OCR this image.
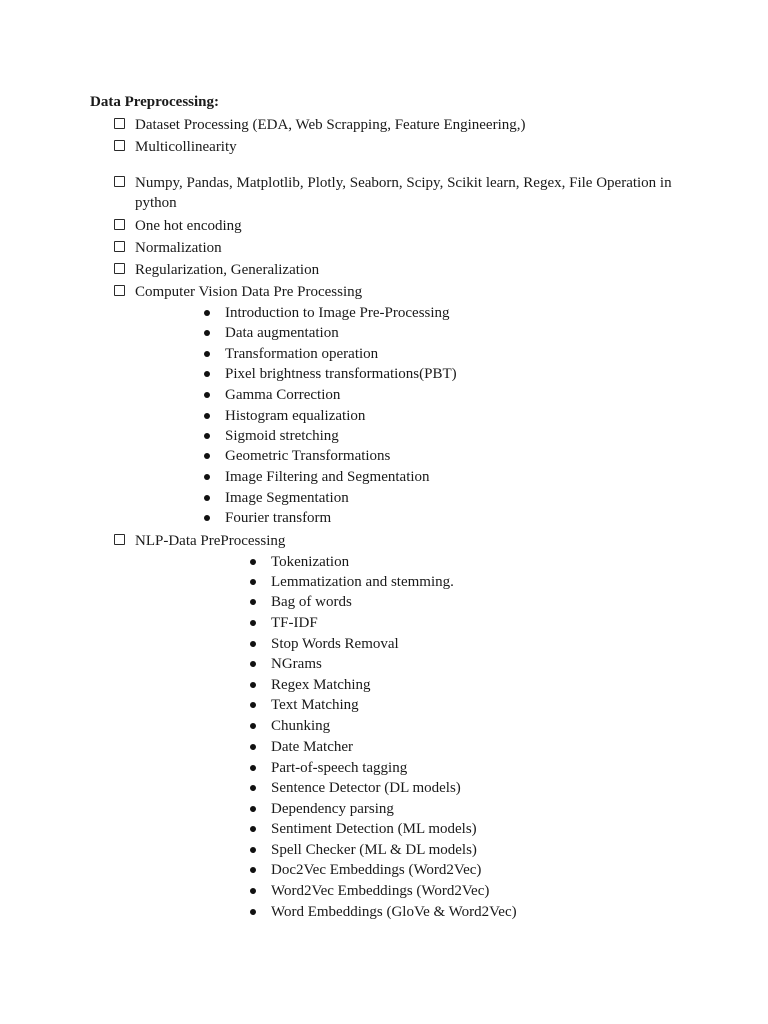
Data Preprocessing:
Dataset Processing (EDA, Web Scrapping, Feature Engineering,)
Multicollinearity
Numpy, Pandas, Matplotlib, Plotly, Seaborn, Scipy, Scikit learn, Regex, File Operation in python
One hot encoding
Normalization
Regularization, Generalization
Computer Vision Data Pre Processing
Introduction to Image Pre-Processing
Data augmentation
Transformation operation
Pixel brightness transformations(PBT)
Gamma Correction
Histogram equalization
Sigmoid stretching
Geometric Transformations
Image Filtering and Segmentation
Image Segmentation
Fourier transform
NLP-Data PreProcessing
Tokenization
Lemmatization and stemming.
Bag of words
TF-IDF
Stop Words Removal
NGrams
Regex Matching
Text Matching
Chunking
Date Matcher
Part-of-speech tagging
Sentence Detector (DL models)
Dependency parsing
Sentiment Detection (ML models)
Spell Checker (ML & DL models)
Doc2Vec Embeddings (Word2Vec)
Word2Vec Embeddings (Word2Vec)
Word Embeddings (GloVe & Word2Vec)
